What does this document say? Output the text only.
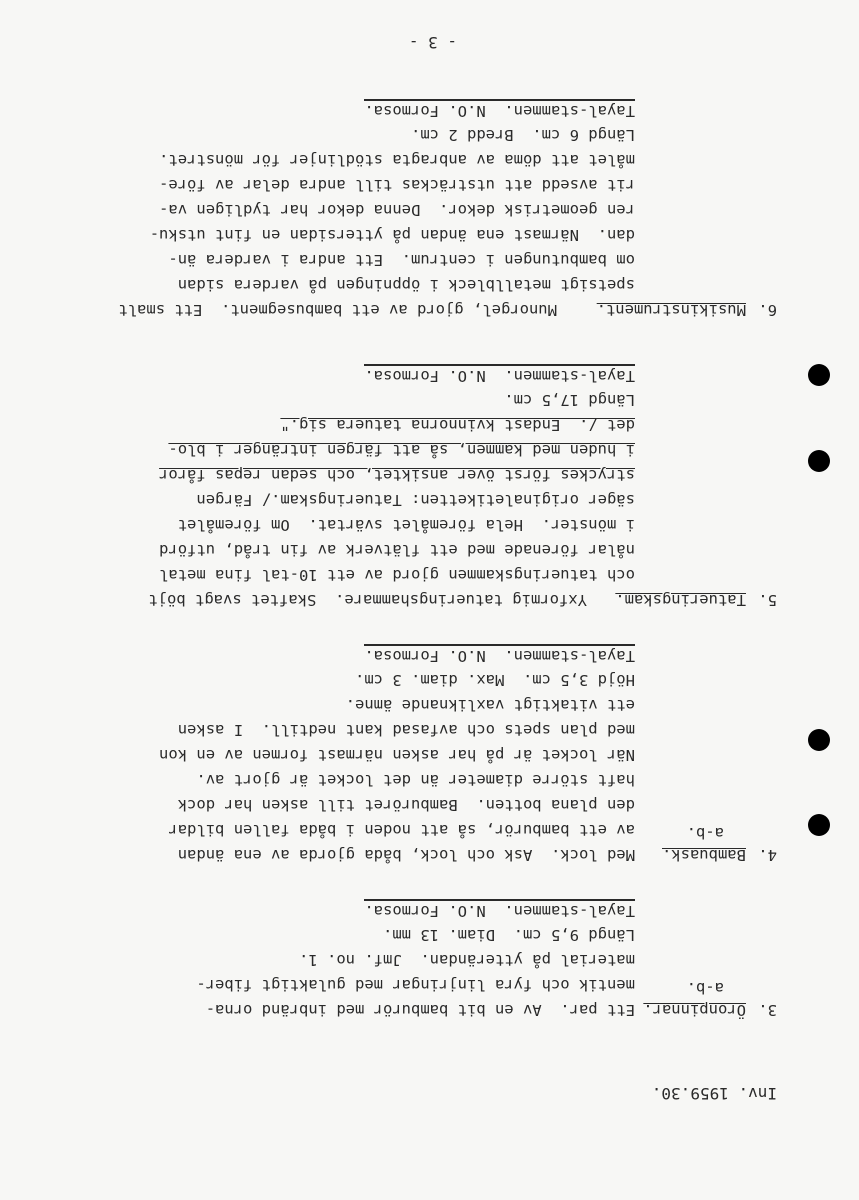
- 3 -
Inv. 1959.30.
3.
Öronpinnar.
a-b.
Ett par.  Av en bit bamburör med inbränd orna-
mentik och fyra linjringar med gulaktigt fiber-
material på ytterändan.  Jmf. no. 1.
Längd 9,5 cm.  Diam. 13 mm.
Tayal-stammen.  N.O. Formosa.
4.
Bambuask.
a-b.
Med lock.  Ask och lock, båda gjorda av ena ändan
av ett bamburör, så att noden i båda fallen bildar
den plana botten.  Bamburöret till asken har dock
haft större diameter än det locket är gjort av.
När locket är på har asken närmast formen av en kon
med plan spets och avfasad kant nedtill.  I asken
ett vitaktigt vaxliknande ämne.
Höjd 3,5 cm.  Max. diam. 3 cm.
Tayal-stammen.  N.O. Formosa.
5.
Tatueringskam.
Yxformig tatueringshammare.  Skaftet svagt böjt
och tatueringskammen gjord av ett 10-tal fina metal
nålar förenade med ett flätverk av fin tråd, utförd
i mönster.  Hela föremålet svärtat.  Om föremålet
säger originaletiketten: Tatueringskam./ Färgen
stryckes först över ansiktet, och sedan repas fåror
i huden med kammen, så att färgen intränger i blo-
det /.  Endast kvinnorna tatuera sig."
Längd 17,5 cm.
Tayal-stammen.  N.O. Formosa.
6.
Musikinstrument.
Munorgel, gjord av ett bambusegment.  Ett smalt
spetsigt metallbleck i öppningen på vardera sidan
om bambutungen i centrum.  Ett andra i vardera än-
dan.  Närmast ena ändan på yttersidan en fint utsku-
ren geometrisk dekor.  Denna dekor har tydligen va-
rit avsedd att utsträckas till andra delar av före-
målet att döma av anbragta stödlinjer för mönstret.
Längd 6 cm.  Bredd 2 cm.
Tayal-stammen.  N.O. Formosa.
